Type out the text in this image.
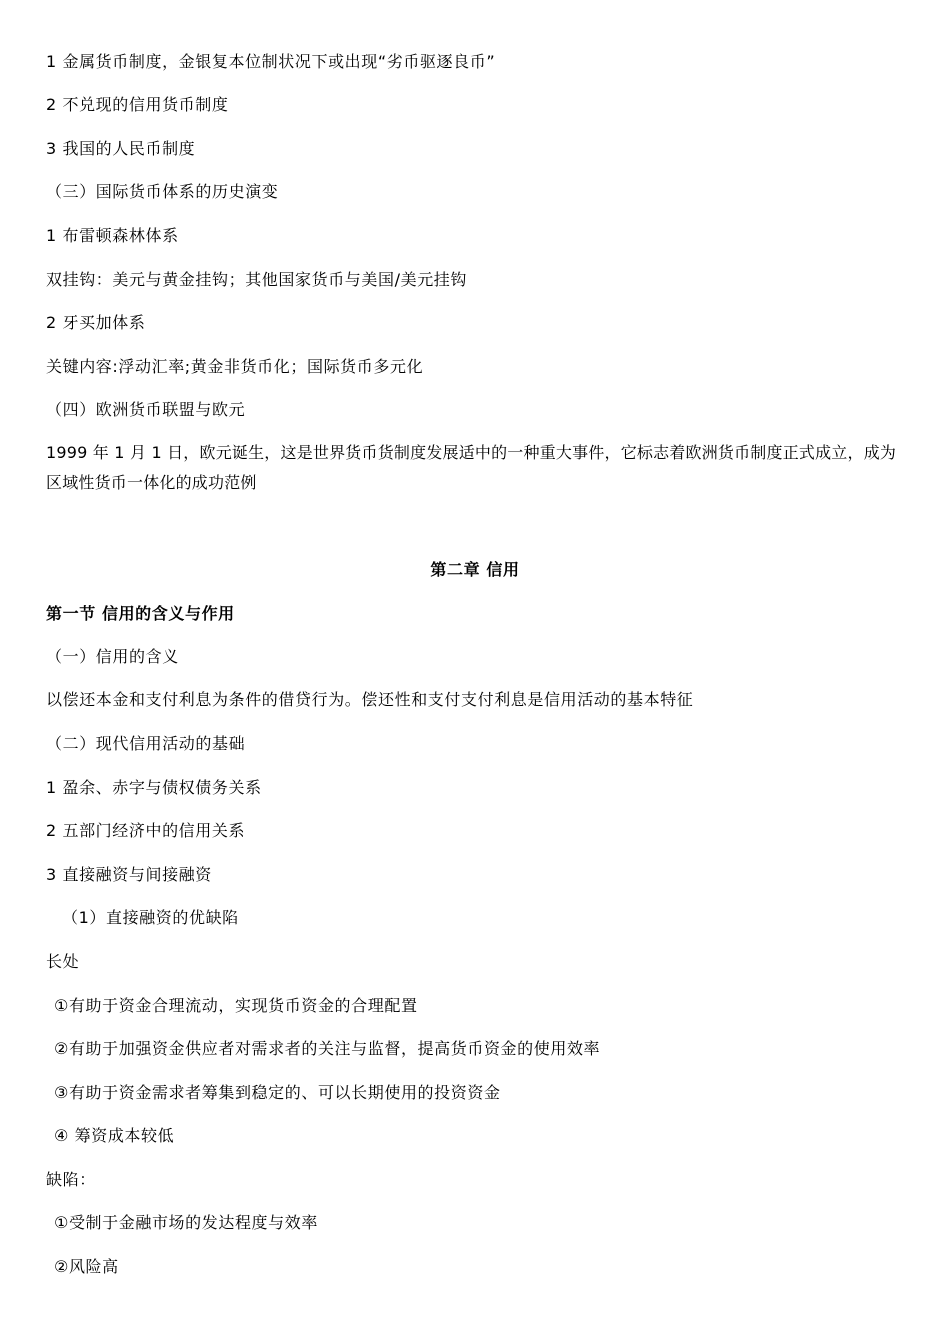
1 金属货币制度，金银复本位制状况下或出现“劣币驱逐良币”
2 不兑现的信用货币制度
3 我国的人民币制度
（三）国际货币体系的历史演变
1 布雷顿森林体系
双挂钩：美元与黄金挂钩；其他国家货币与美国/美元挂钩
2 牙买加体系
关键内容:浮动汇率;黄金非货币化；国际货币多元化
（四）欧洲货币联盟与欧元
1999 年 1 月 1 日，欧元诞生，这是世界货币货制度发展适中的一种重大事件，它标志着欧洲货币制度正式成立，成为区域性货币一体化的成功范例
第二章 信用
第一节 信用的含义与作用
（一）信用的含义
以偿还本金和支付利息为条件的借贷行为。偿还性和支付支付利息是信用活动的基本特征
（二）现代信用活动的基础
1 盈余、赤字与债权债务关系
2 五部门经济中的信用关系
3 直接融资与间接融资
（1）直接融资的优缺陷
长处
①有助于资金合理流动，实现货币资金的合理配置
②有助于加强资金供应者对需求者的关注与监督，提高货币资金的使用效率
③有助于资金需求者筹集到稳定的、可以长期使用的投资资金
④ 筹资成本较低
缺陷：
①受制于金融市场的发达程度与效率
②风险高
